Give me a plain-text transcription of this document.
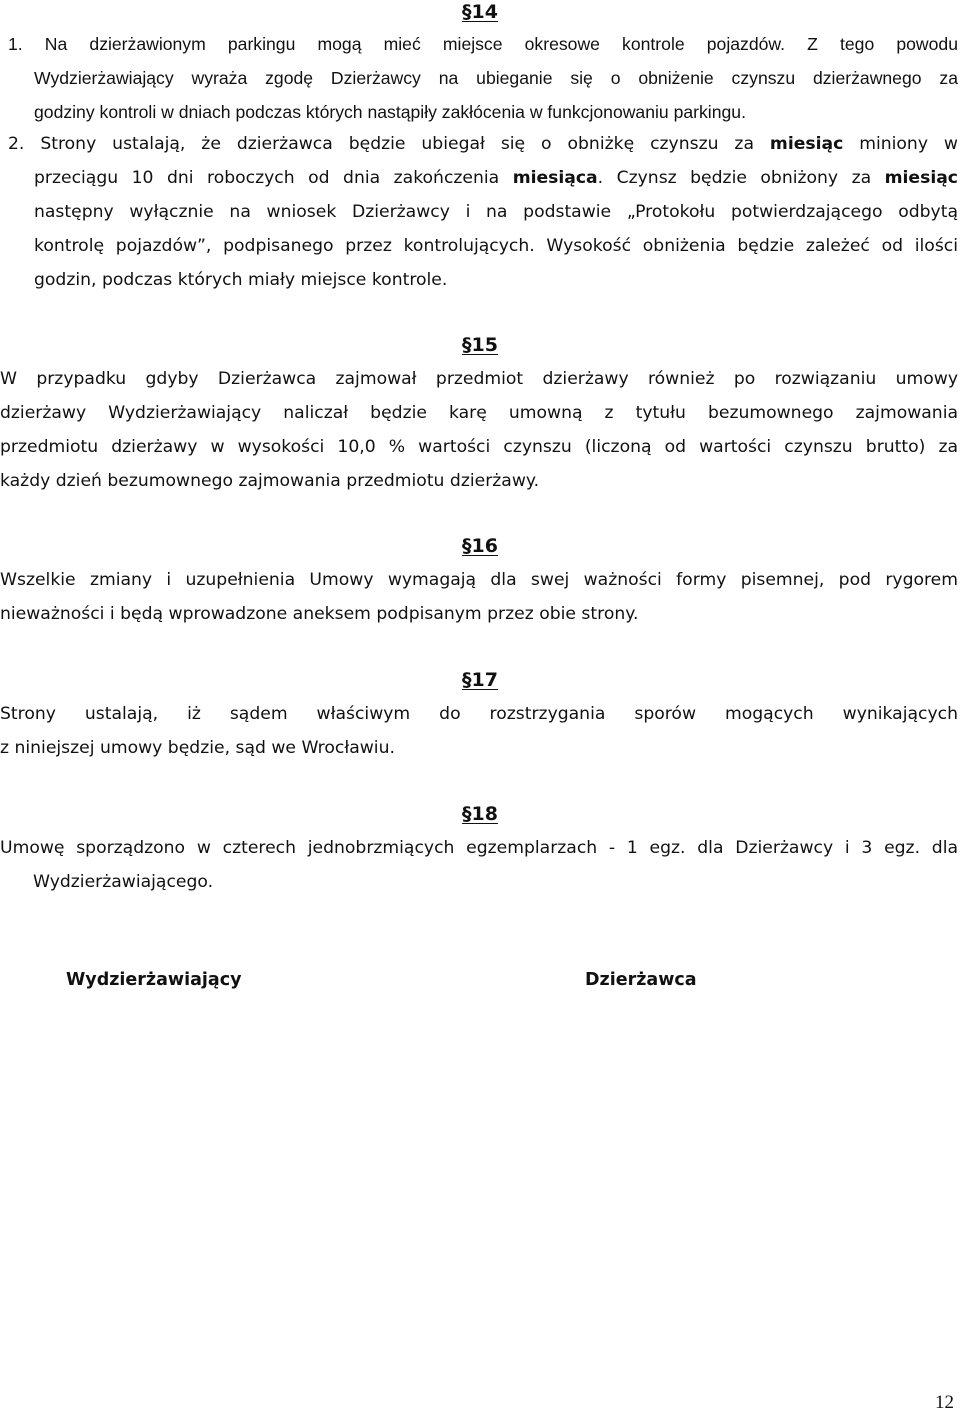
§14
1. Na dzierżawionym parkingu mogą mieć miejsce okresowe kontrole pojazdów. Z tego powodu
Wydzierżawiający wyraża zgodę Dzierżawcy na ubieganie się o obniżenie czynszu dzierżawnego za
godziny kontroli w dniach podczas których nastąpiły zakłócenia w funkcjonowaniu parkingu.
2. Strony ustalają, że dzierżawca będzie ubiegał się o obniżkę czynszu za miesiąc miniony w
przeciągu 10 dni roboczych od dnia zakończenia miesiąca. Czynsz będzie obniżony za miesiąc
następny wyłącznie na wniosek Dzierżawcy i na podstawie „Protokołu potwierdzającego odbytą
kontrolę pojazdów”, podpisanego przez kontrolujących. Wysokość obniżenia będzie zależeć od ilości
godzin, podczas których miały miejsce kontrole.
§15
W przypadku gdyby Dzierżawca zajmował przedmiot dzierżawy również po rozwiązaniu umowy
dzierżawy Wydzierżawiający naliczał będzie karę umowną z tytułu bezumownego zajmowania
przedmiotu dzierżawy w wysokości 10,0 % wartości czynszu (liczoną od wartości czynszu brutto) za
każdy dzień bezumownego zajmowania przedmiotu dzierżawy.
§16
Wszelkie zmiany i uzupełnienia Umowy wymagają dla swej ważności formy pisemnej, pod rygorem
nieważności i będą wprowadzone aneksem podpisanym przez obie strony.
§17
Strony ustalają, iż sądem właściwym do rozstrzygania sporów mogących wynikających
z niniejszej umowy będzie, sąd we Wrocławiu.
§18
Umowę sporządzono w czterech jednobrzmiących egzemplarzach - 1 egz. dla Dzierżawcy i 3 egz. dla
Wydzierżawiającego.
Wydzierżawiający	Dzierżawca
12
